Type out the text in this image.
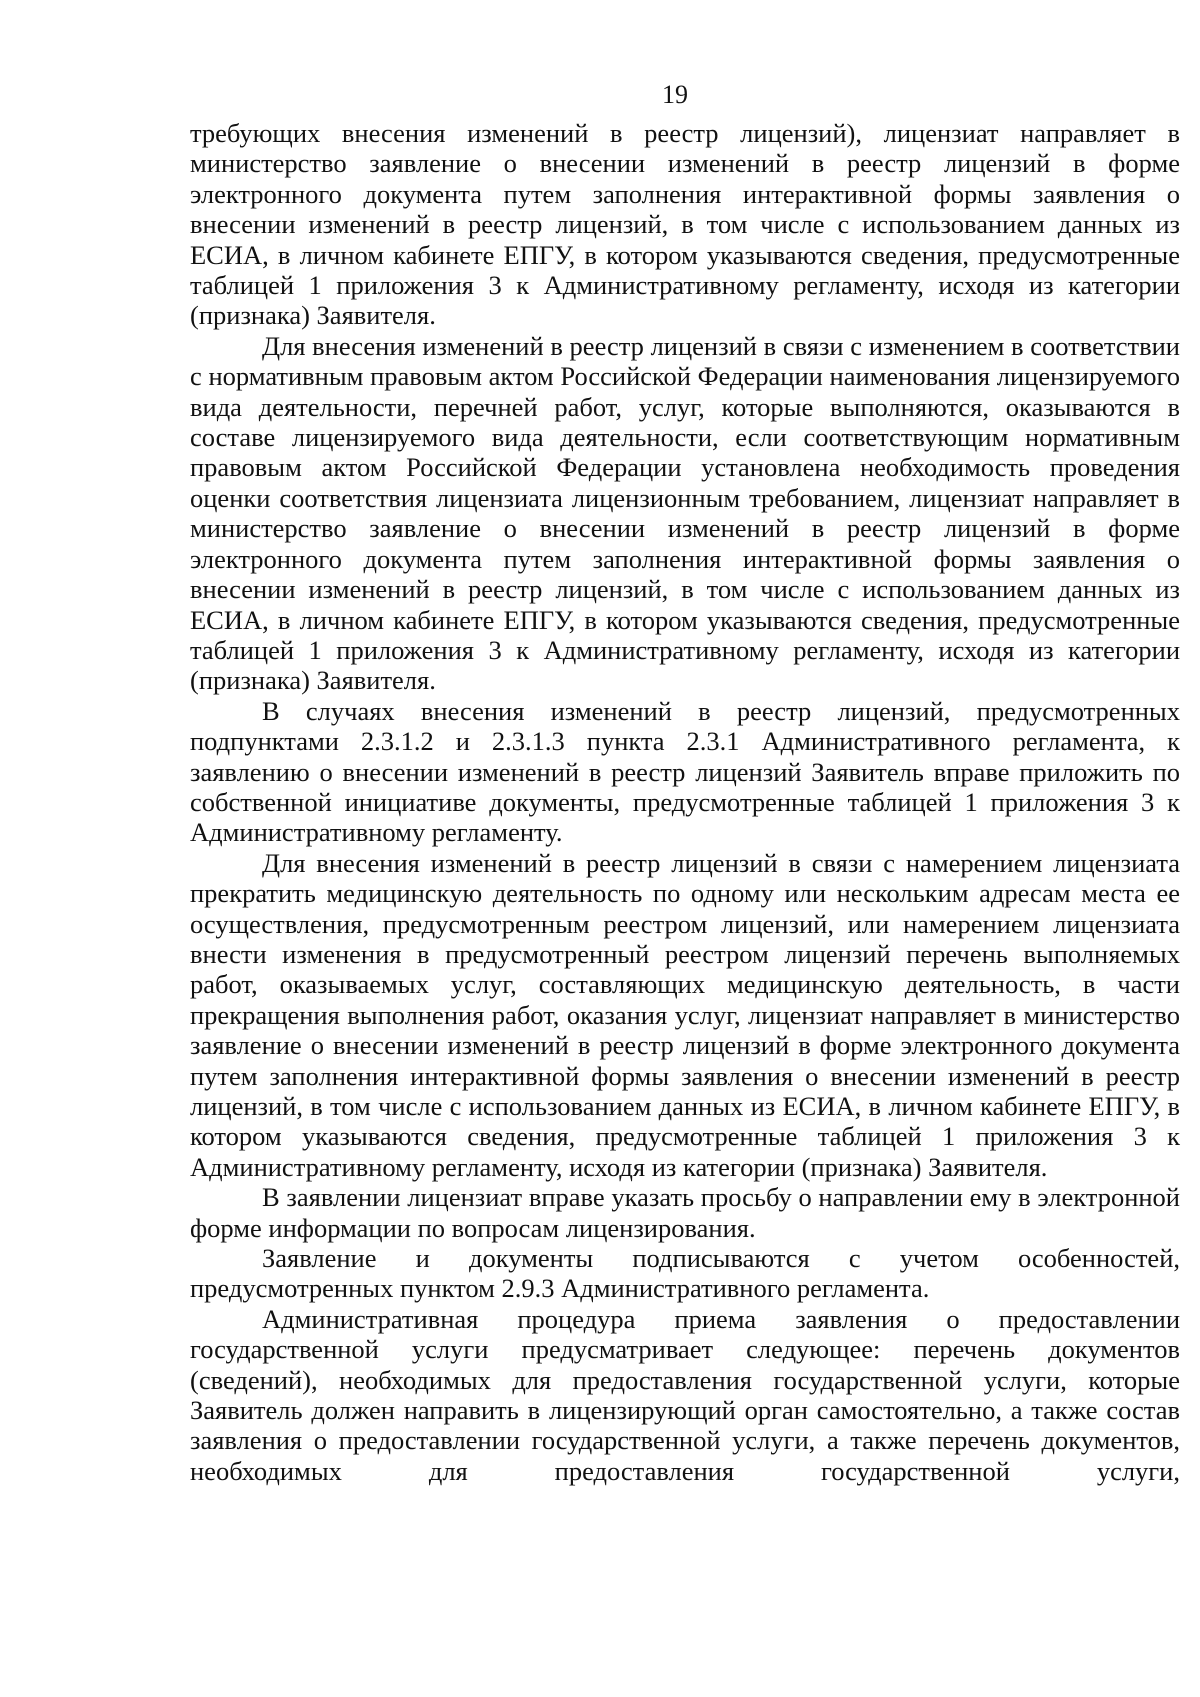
19

требующих внесения изменений в реестр лицензий), лицензиат направляет в министерство заявление о внесении изменений в реестр лицензий в форме электронного документа путем заполнения интерактивной формы заявления о внесении изменений в реестр лицензий, в том числе с использованием данных из ЕСИА, в личном кабинете ЕПГУ, в котором указываются сведения, предусмотренные таблицей 1 приложения 3 к Административному регламенту, исходя из категории (признака) Заявителя.

Для внесения изменений в реестр лицензий в связи с изменением в соответствии с нормативным правовым актом Российской Федерации наименования лицензируемого вида деятельности, перечней работ, услуг, которые выполняются, оказываются в составе лицензируемого вида деятельности, если соответствующим нормативным правовым актом Российской Федерации установлена необходимость проведения оценки соответствия лицензиата лицензионным требованием, лицензиат направляет в министерство заявление о внесении изменений в реестр лицензий в форме электронного документа путем заполнения интерактивной формы заявления о внесении изменений в реестр лицензий, в том числе с использованием данных из ЕСИА, в личном кабинете ЕПГУ, в котором указываются сведения, предусмотренные таблицей 1 приложения 3 к Административному регламенту, исходя из категории (признака) Заявителя.

В случаях внесения изменений в реестр лицензий, предусмотренных подпунктами 2.3.1.2 и 2.3.1.3 пункта 2.3.1 Административного регламента, к заявлению о внесении изменений в реестр лицензий Заявитель вправе приложить по собственной инициативе документы, предусмотренные таблицей 1 приложения 3 к Административному регламенту.

Для внесения изменений в реестр лицензий в связи с намерением лицензиата прекратить медицинскую деятельность по одному или нескольким адресам места ее осуществления, предусмотренным реестром лицензий, или намерением лицензиата внести изменения в предусмотренный реестром лицензий перечень выполняемых работ, оказываемых услуг, составляющих медицинскую деятельность, в части прекращения выполнения работ, оказания услуг, лицензиат направляет в министерство заявление о внесении изменений в реестр лицензий в форме электронного документа путем заполнения интерактивной формы заявления о внесении изменений в реестр лицензий, в том числе с использованием данных из ЕСИА, в личном кабинете ЕПГУ, в котором указываются сведения, предусмотренные таблицей 1 приложения 3 к Административному регламенту, исходя из категории (признака) Заявителя.

В заявлении лицензиат вправе указать просьбу о направлении ему в электронной форме информации по вопросам лицензирования.

Заявление и документы подписываются с учетом особенностей, предусмотренных пунктом 2.9.3 Административного регламента.

Административная процедура приема заявления о предоставлении государственной услуги предусматривает следующее: перечень документов (сведений), необходимых для предоставления государственной услуги, которые Заявитель должен направить в лицензирующий орган самостоятельно, а также состав заявления о предоставлении государственной услуги, а также перечень документов, необходимых для предоставления государственной услуги,
